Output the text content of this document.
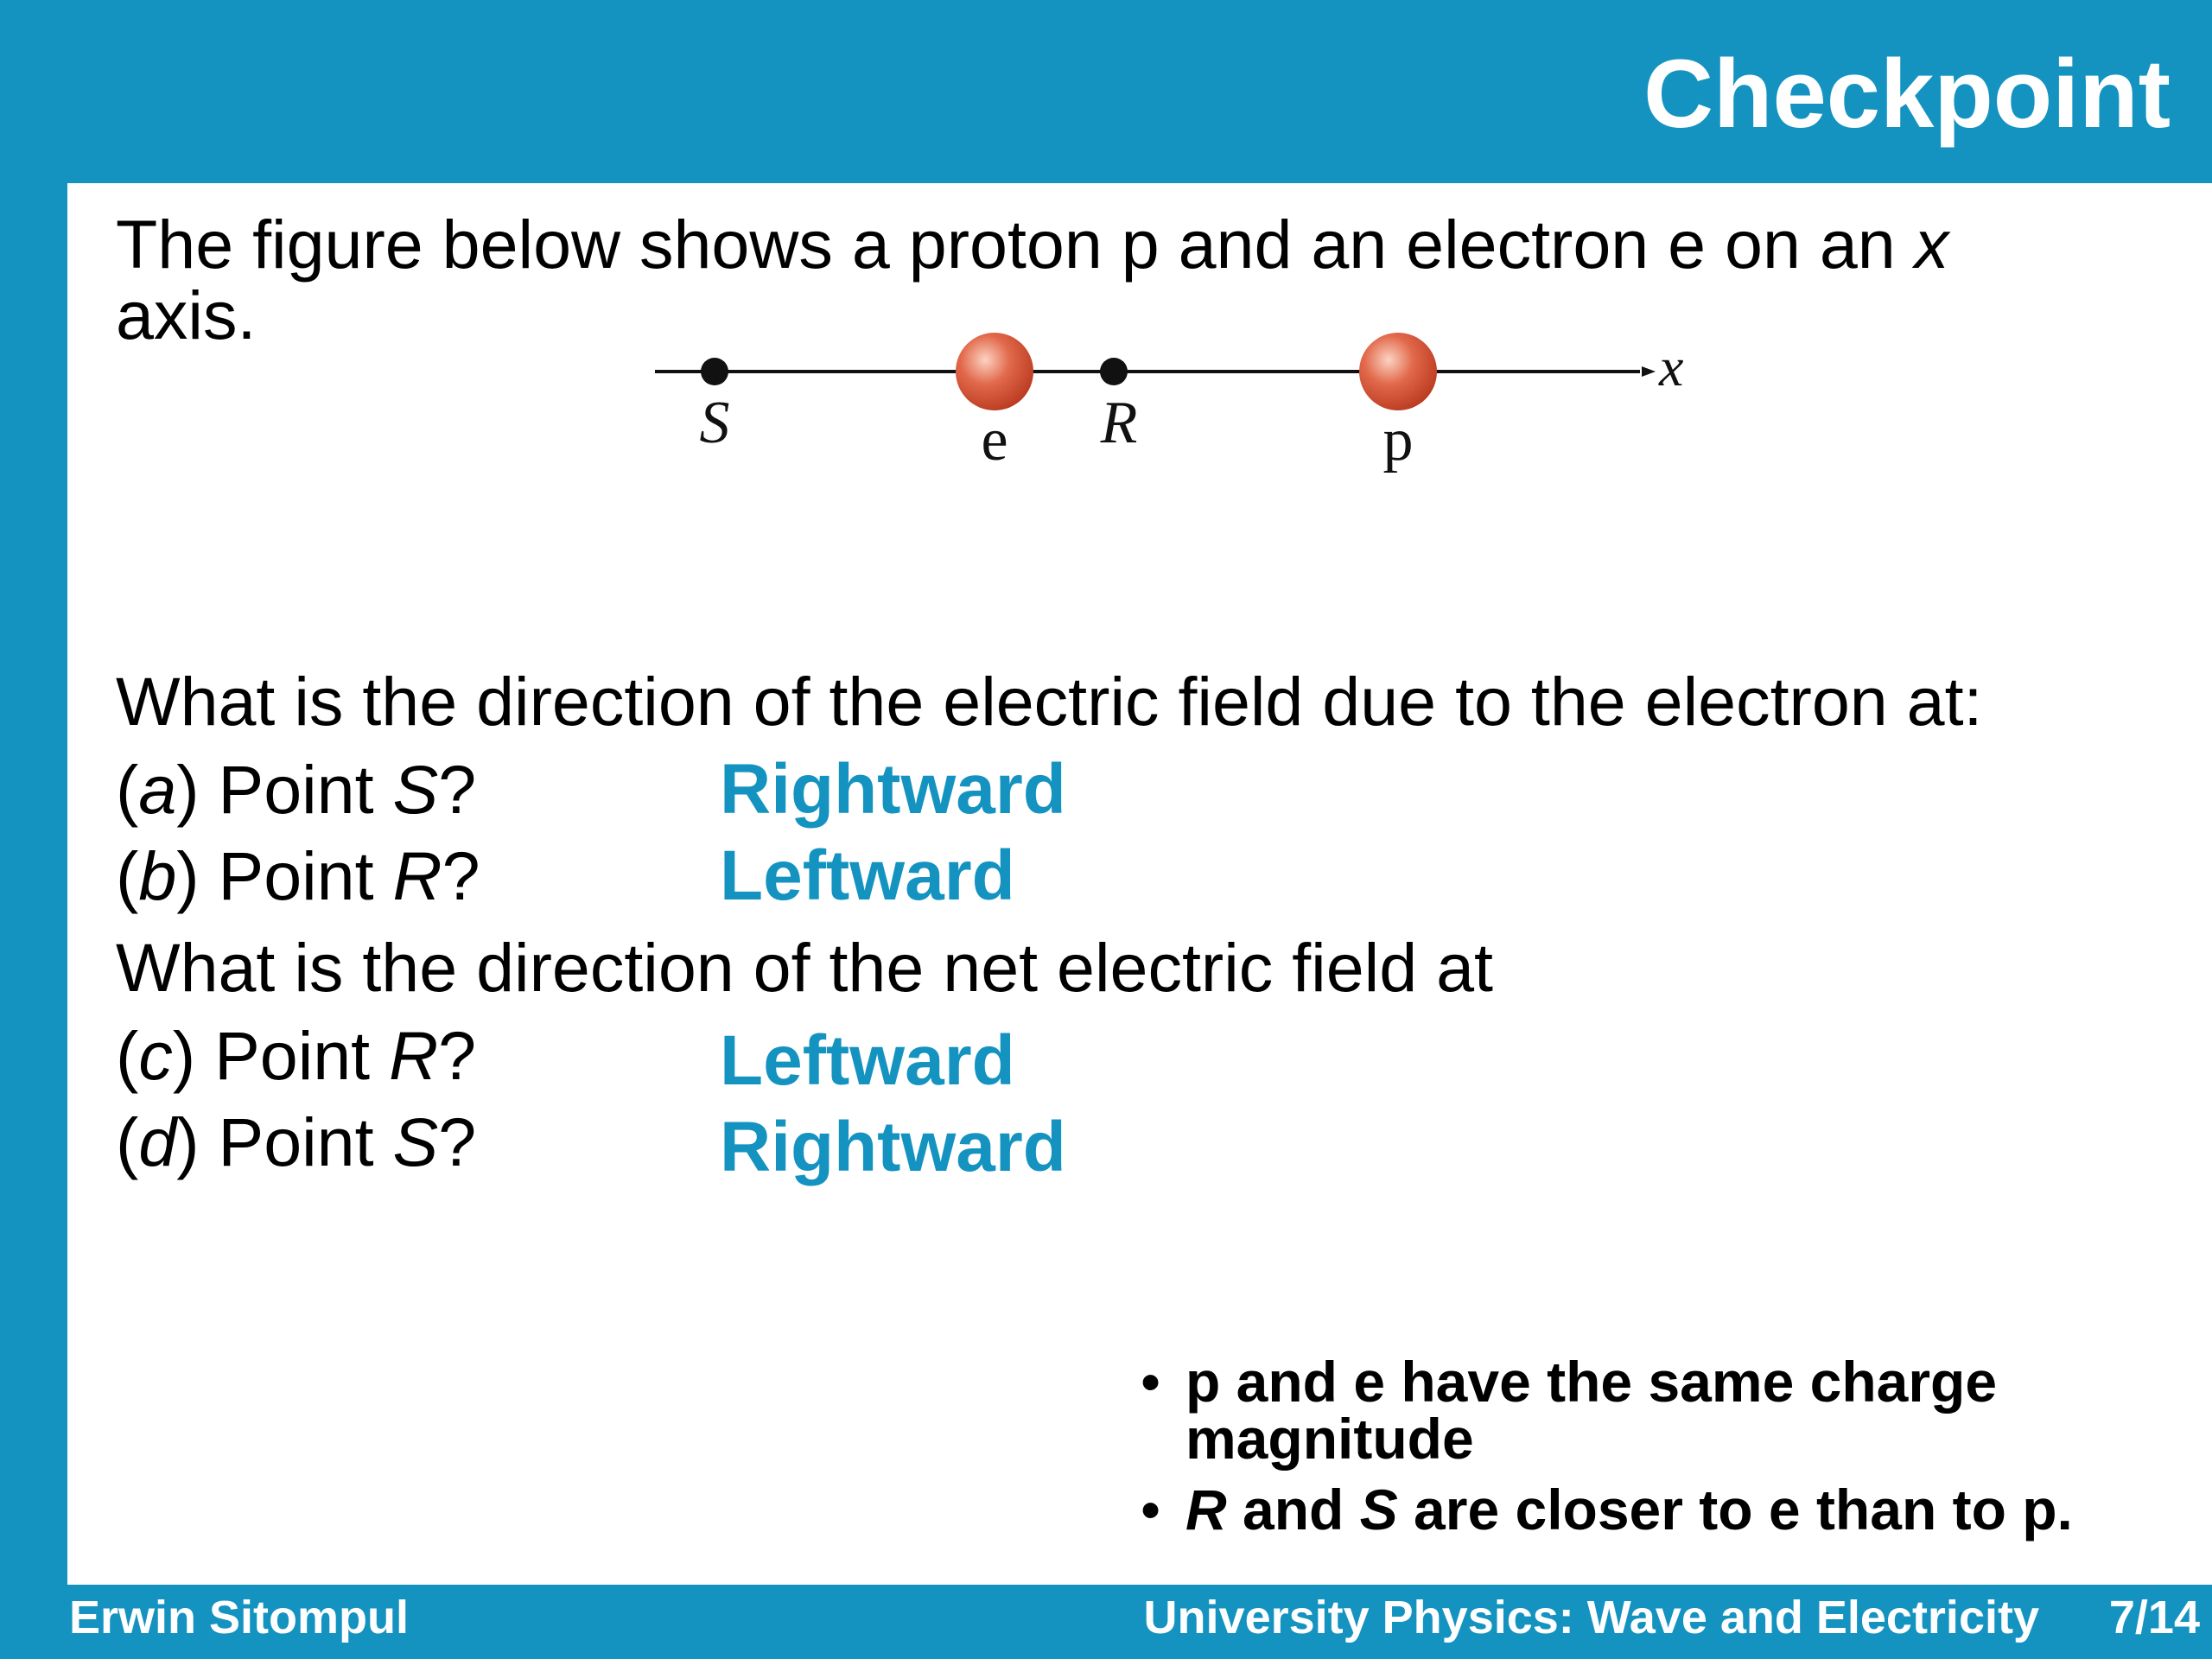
Checkpoint

The figure below shows a proton p and an electron e on an x
axis.

x
S	e R	p
What is the direction of the electric field due to the electron at:
(a) Point S?	Rightward
(b) Point R?	Leftward
What is the direction of the net electric field at
(c) Point R?	Leftward
(d) Point S?	Rightward
• p and e have the same charge magnitude
• R and S are closer to e than to p.
Erwin Sitompul	University Physics: Wave and Electricity 7/14
